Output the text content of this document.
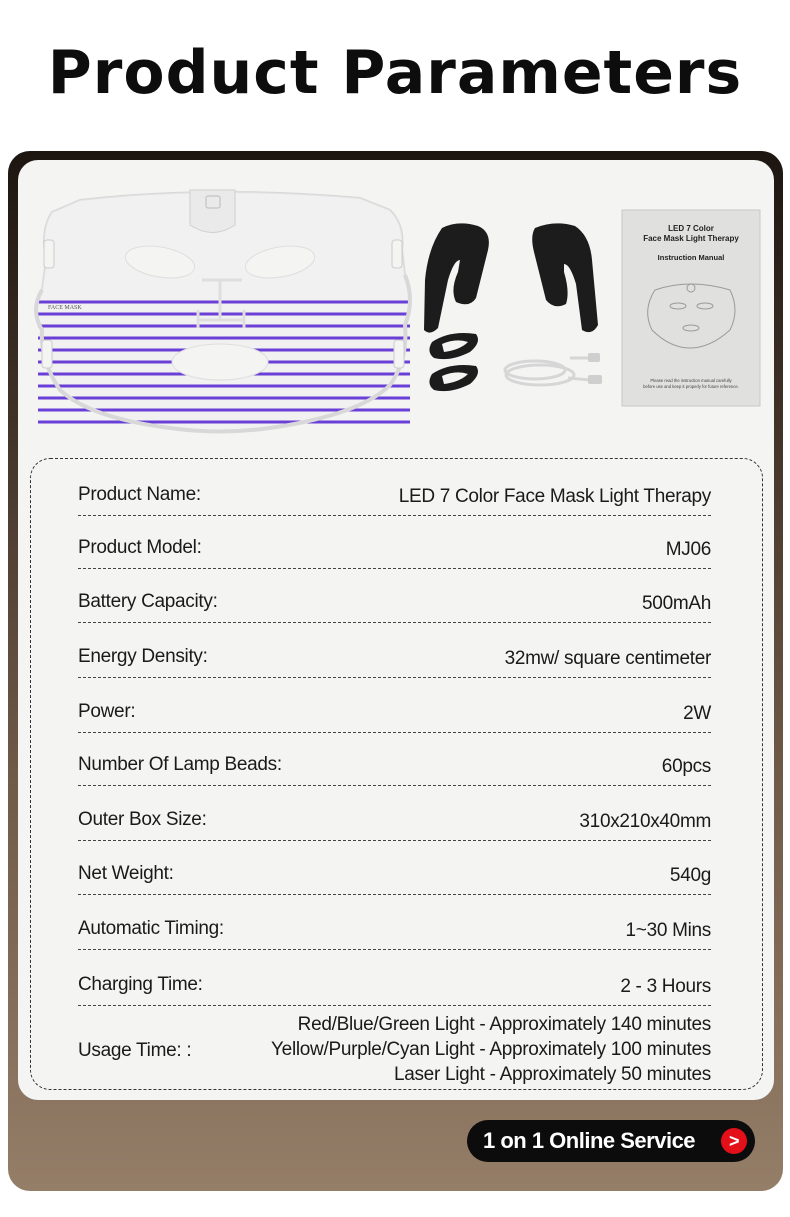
Product Parameters
FACE MASK
LED 7 Color
Face Mask Light Therapy
Instruction Manual
Please read the instruction manual carefully
before use and keep it properly for future reference.
Product Name:	LED 7 Color Face Mask Light Therapy
Product Model:	MJ06
Battery Capacity:	500mAh
Energy Density:	32mw/ square centimeter
Power:	2W
Number Of Lamp Beads:	60pcs
Outer Box Size:	310x210x40mm
Net Weight:	540g
Automatic Timing:	1~30 Mins
Charging Time:	2 - 3 Hours
Usage Time: :
Red/Blue/Green Light - Approximately 140 minutes
Yellow/Purple/Cyan Light - Approximately 100 minutes
Laser Light - Approximately 50 minutes
1 on 1 Online Service	>
